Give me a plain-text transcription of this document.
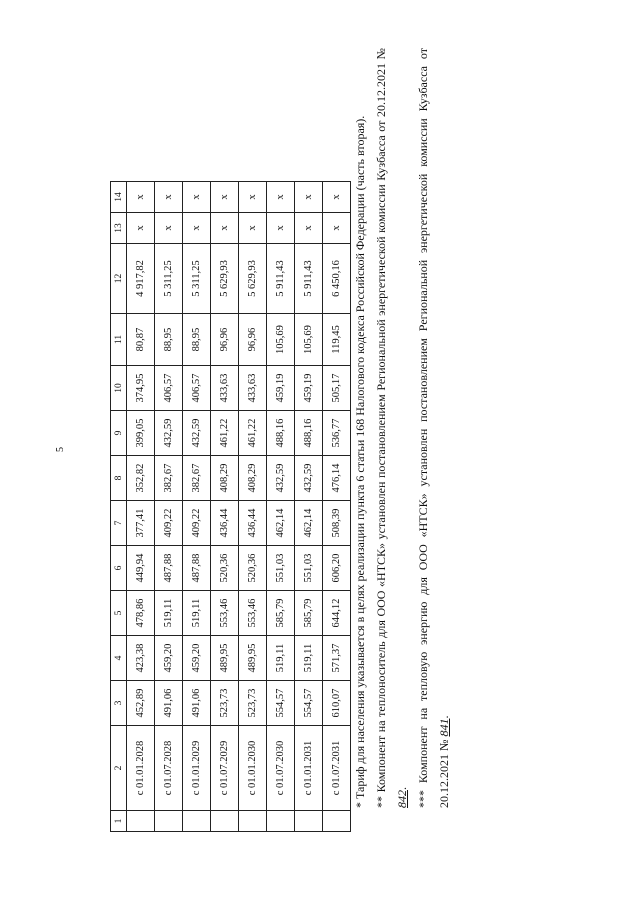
5
1	2	3	4	5	6	7	8	9	10	11	12	13	14
	с 01.01.2028	452,89	423,38	478,86	449,94	377,41	352,82	399,05	374,95	80,87	4 917,82	x	x
	с 01.07.2028	491,06	459,20	519,11	487,88	409,22	382,67	432,59	406,57	88,95	5 311,25	x	x
	с 01.01.2029	491,06	459,20	519,11	487,88	409,22	382,67	432,59	406,57	88,95	5 311,25	x	x
	с 01.07.2029	523,73	489,95	553,46	520,36	436,44	408,29	461,22	433,63	96,96	5 629,93	x	x
	с 01.01.2030	523,73	489,95	553,46	520,36	436,44	408,29	461,22	433,63	96,96	5 629,93	x	x
	с 01.07.2030	554,57	519,11	585,79	551,03	462,14	432,59	488,16	459,19	105,69	5 911,43	x	x
	с 01.01.2031	554,57	519,11	585,79	551,03	462,14	432,59	488,16	459,19	105,69	5 911,43	x	x
	с 01.07.2031	610,07	571,37	644,12	606,20	508,39	476,14	536,77	505,17	119,45	6 450,16	x	x * Тариф для населения указывается в целях реализации пункта 6 статьи 168 Налогового кодекса Российской Федерации (часть вторая). ** Компонент на теплоноситель для ООО «НТСК» установлен постановлением Региональной энергетической комиссии Кузбасса от 20.12.2021 № 842. *** Компонент на тепловую энергию для ООО «НТСК» установлен постановлением Региональной энергетической комиссии Кузбасса от 20.12.2021 № 841.
